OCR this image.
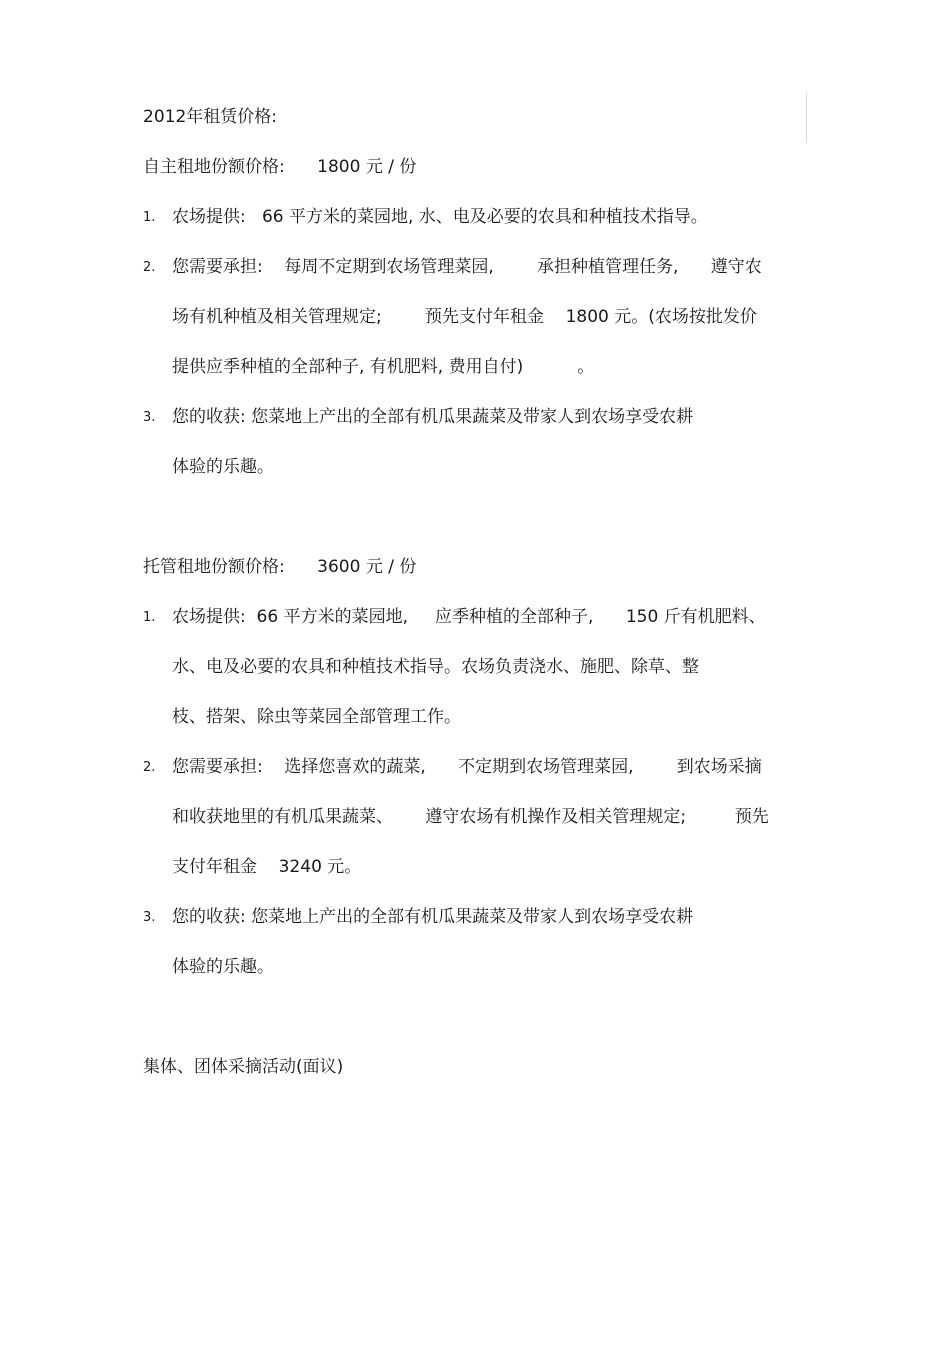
2012年租赁价格:
自主租地份额价格:      1800 元 / 份
1. 农场提供:   66 平方米的菜园地, 水、电及必要的农具和种植技术指导。
2. 您需要承担:    每周不定期到农场管理菜园,        承担种植管理任务,      遵守农
场有机种植及相关管理规定;        预先支付年租金    1800 元。(农场按批发价
提供应季种植的全部种子, 有机肥料, 费用自付)          。
3. 您的收获: 您菜地上产出的全部有机瓜果蔬菜及带家人到农场享受农耕
体验的乐趣。
托管租地份额价格:      3600 元 / 份
1. 农场提供:  66 平方米的菜园地,     应季种植的全部种子,      150 斤有机肥料、
水、电及必要的农具和种植技术指导。农场负责浇水、施肥、除草、整
枝、搭架、除虫等菜园全部管理工作。
2. 您需要承担:    选择您喜欢的蔬菜,      不定期到农场管理菜园,        到农场采摘
和收获地里的有机瓜果蔬菜、      遵守农场有机操作及相关管理规定;         预先
支付年租金    3240 元。
3. 您的收获: 您菜地上产出的全部有机瓜果蔬菜及带家人到农场享受农耕
体验的乐趣。
集体、团体采摘活动(面议)
